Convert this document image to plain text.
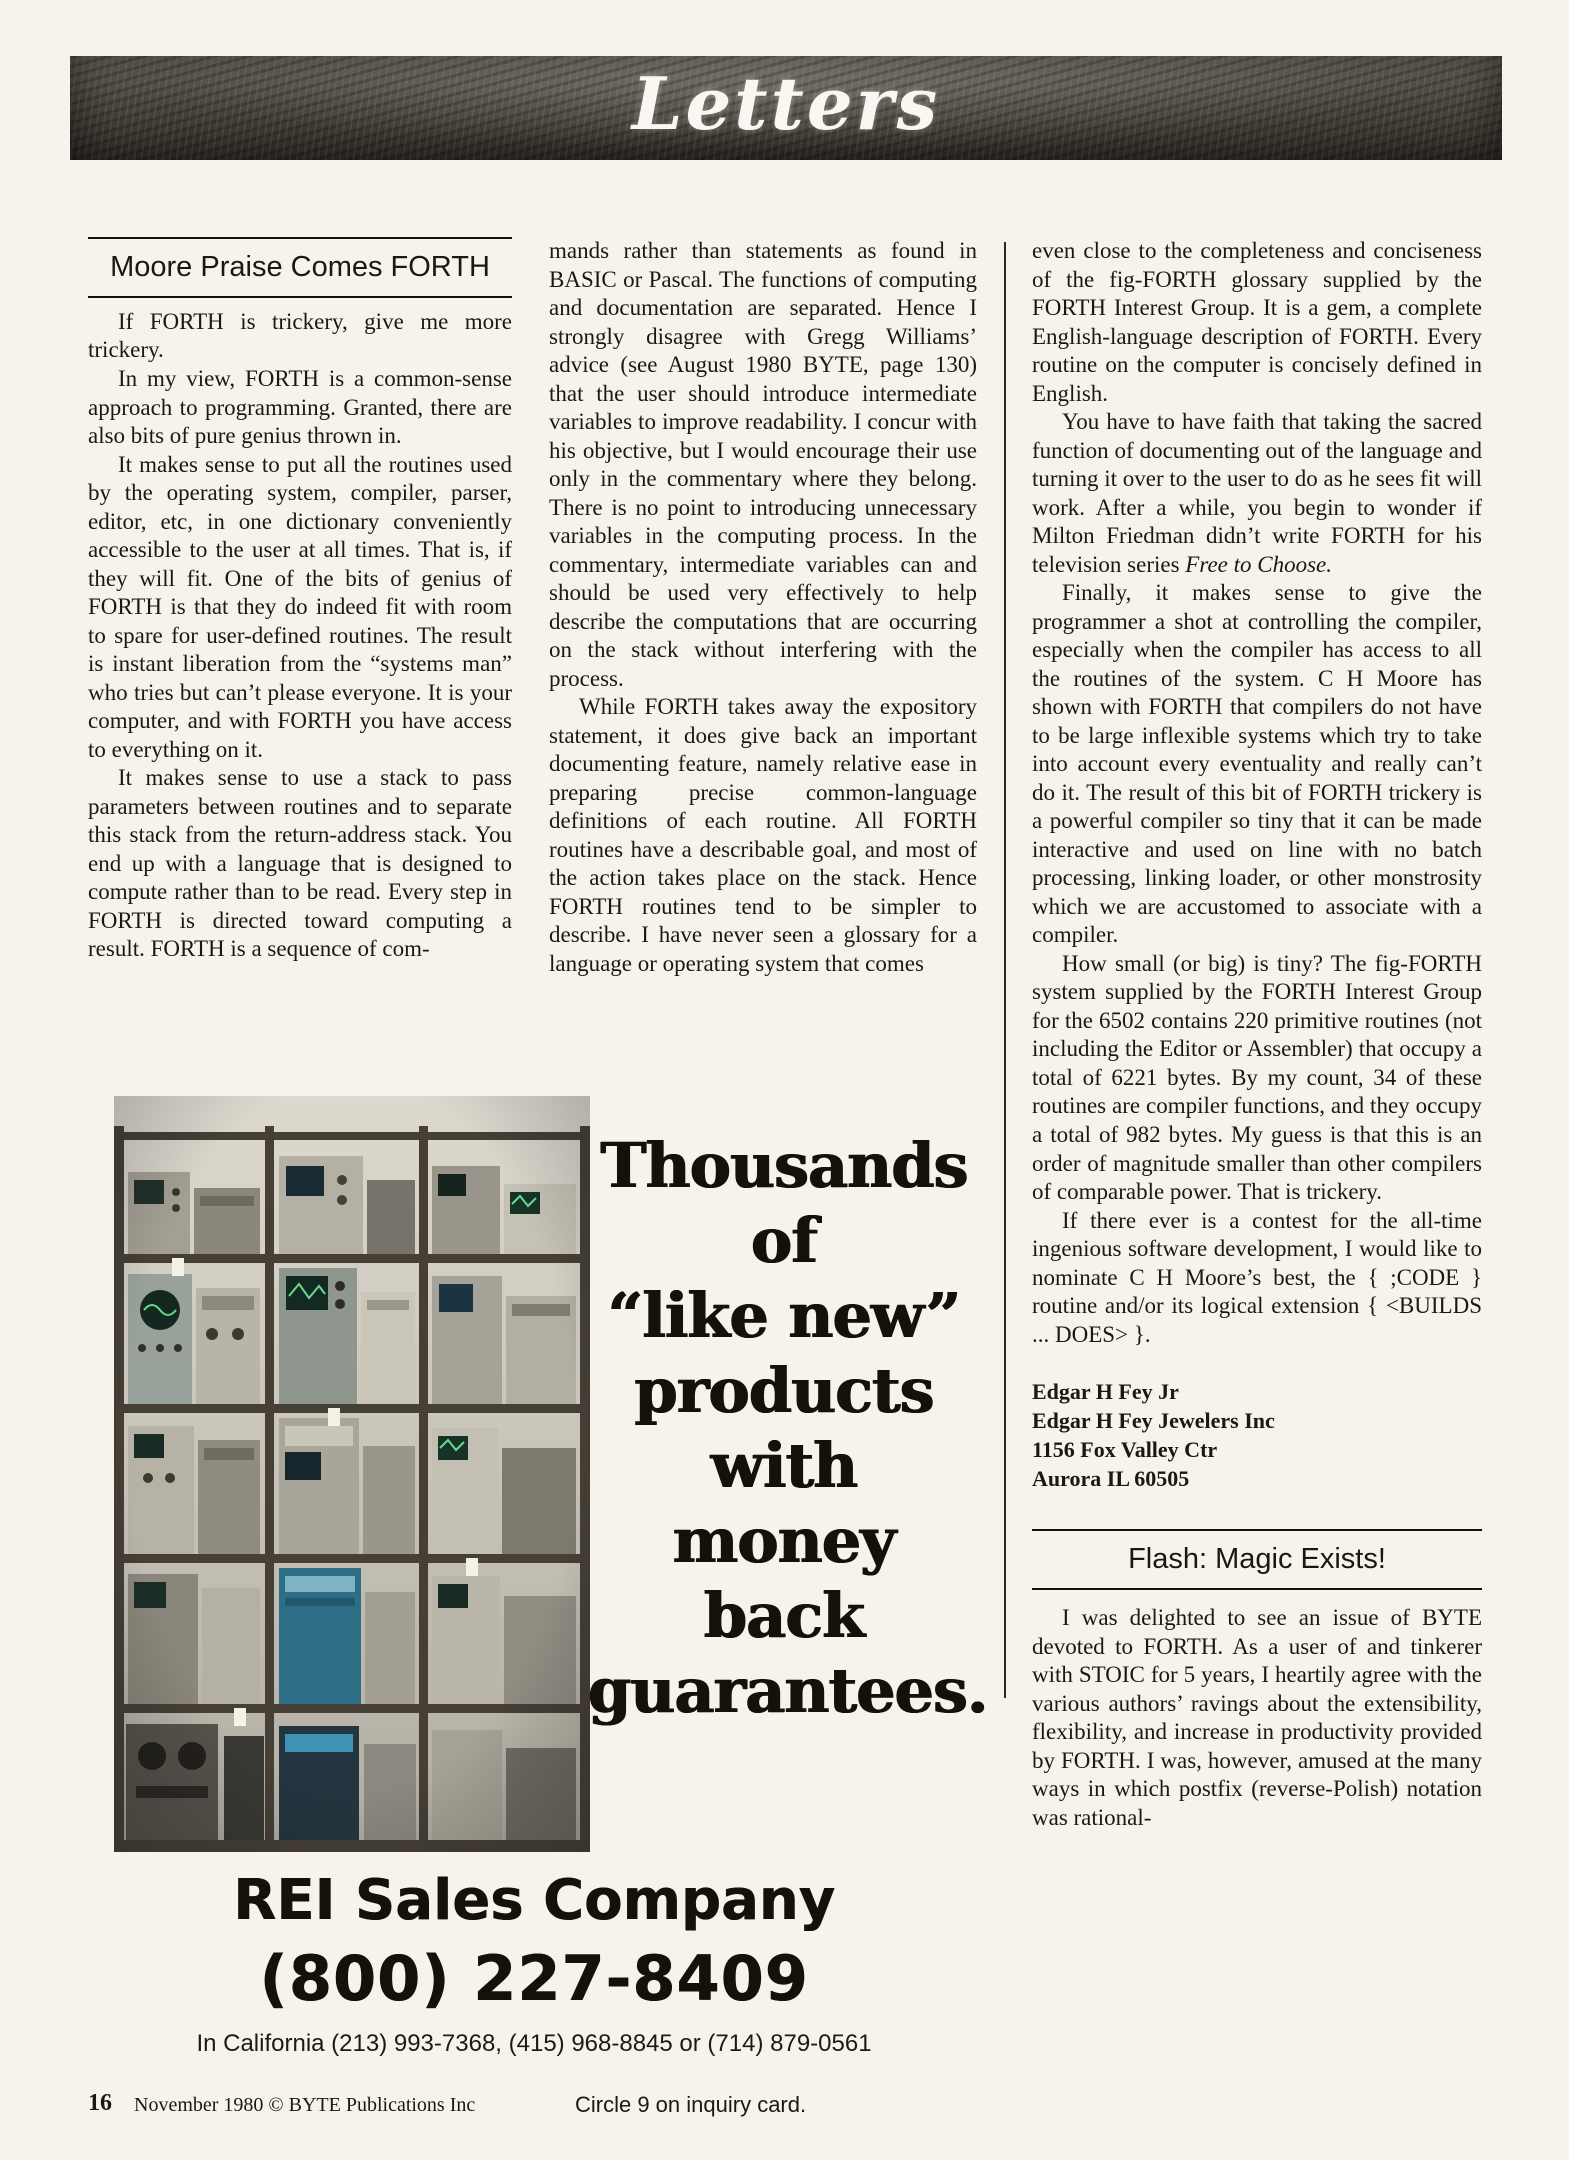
Letters
Moore Praise Comes FORTH

If FORTH is trickery, give me more trickery.

In my view, FORTH is a common-sense approach to programming. Granted, there are also bits of pure genius thrown in.

It makes sense to put all the routines used by the operating system, compiler, parser, editor, etc, in one dictionary conveniently accessible to the user at all times. That is, if they will fit. One of the bits of genius of FORTH is that they do indeed fit with room to spare for user-defined routines. The result is instant liberation from the “systems man” who tries but can’t please everyone. It is your computer, and with FORTH you have access to everything on it.

It makes sense to use a stack to pass parameters between routines and to separate this stack from the return-address stack. You end up with a language that is designed to compute rather than to be read. Every step in FORTH is directed toward computing a result. FORTH is a sequence of com-

mands rather than statements as found in BASIC or Pascal. The functions of computing and documentation are separated. Hence I strongly disagree with Gregg Williams’ advice (see August 1980 BYTE, page 130) that the user should introduce intermediate variables to improve readability. I concur with his objective, but I would encourage their use only in the commentary where they belong. There is no point to introducing unnecessary variables in the computing process. In the commentary, intermediate variables can and should be used very effectively to help describe the computations that are occurring on the stack without interfering with the process.

While FORTH takes away the expository statement, it does give back an important documenting feature, namely relative ease in preparing precise common-language definitions of each routine. All FORTH routines have a describable goal, and most of the action takes place on the stack. Hence FORTH routines tend to be simpler to describe. I have never seen a glossary for a language or operating system that comes

even close to the completeness and conciseness of the fig-FORTH glossary supplied by the FORTH Interest Group. It is a gem, a complete English-language description of FORTH. Every routine on the computer is concisely defined in English.

You have to have faith that taking the sacred function of documenting out of the language and turning it over to the user to do as he sees fit will work. After a while, you begin to wonder if Milton Friedman didn’t write FORTH for his television series Free to Choose.

Finally, it makes sense to give the programmer a shot at controlling the compiler, especially when the compiler has access to all the routines of the system. C H Moore has shown with FORTH that compilers do not have to be large inflexible systems which try to take into account every eventuality and really can’t do it. The result of this bit of FORTH trickery is a powerful compiler so tiny that it can be made interactive and used on line with no batch processing, linking loader, or other monstrosity which we are accustomed to associate with a compiler.

How small (or big) is tiny? The fig-FORTH system supplied by the FORTH Interest Group for the 6502 contains 220 primitive routines (not including the Editor or Assembler) that occupy a total of 6221 bytes. By my count, 34 of these routines are compiler functions, and they occupy a total of 982 bytes. My guess is that this is an order of magnitude smaller than other compilers of comparable power. That is trickery.

If there ever is a contest for the all-time ingenious software development, I would like to nominate C H Moore’s best, the { ;CODE } routine and/or its logical extension { <BUILDS ... DOES> }.

Edgar H Fey Jr
Edgar H Fey Jewelers Inc
1156 Fox Valley Ctr
Aurora IL 60505
Flash: Magic Exists!

I was delighted to see an issue of BYTE devoted to FORTH. As a user of and tinkerer with STOIC for 5 years, I heartily agree with the various authors’ ravings about the extensibility, flexibility, and increase in productivity provided by FORTH. I was, however, amused at the many ways in which postfix (reverse-Polish) notation was rational-

Thousands
of
“like new”
products
with
money back
guarantees.
REI Sales Company
(800) 227-8409
In California (213) 993-7368, (415) 968-8845 or (714) 879-0561
16 November 1980 © BYTE Publications Inc	Circle 9 on inquiry card.
